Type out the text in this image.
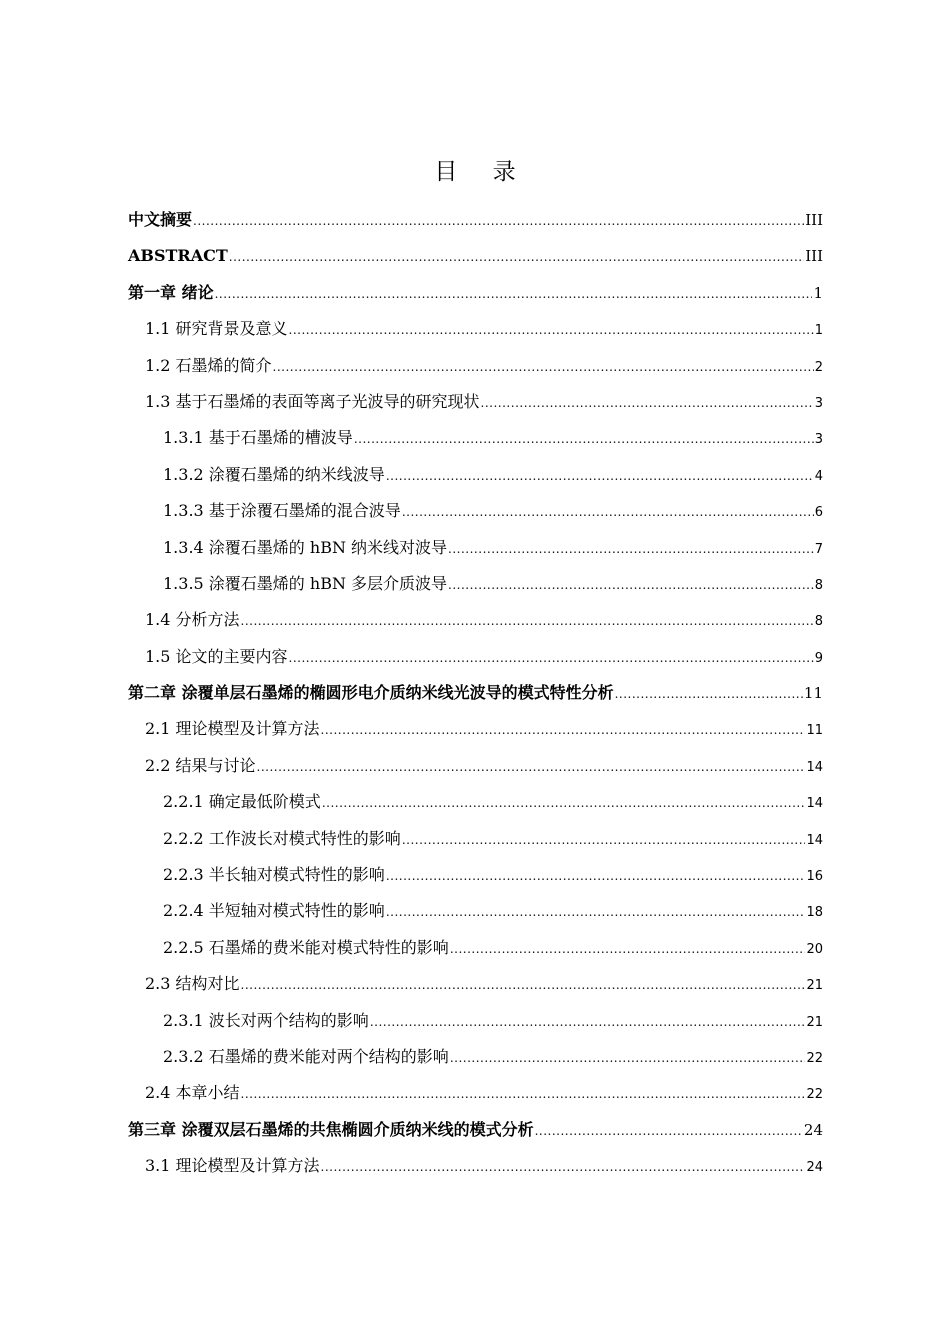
目 录
中文摘要 .....	III
ABSTRACT .....	III
第一章 绪论 .....	1
1.1 研究背景及意义 .....	1
1.2 石墨烯的简介 .....	2
1.3 基于石墨烯的表面等离子光波导的研究现状 .....	3
1.3.1 基于石墨烯的槽波导 .....	3
1.3.2 涂覆石墨烯的纳米线波导 .....	4
1.3.3 基于涂覆石墨烯的混合波导 .....	6
1.3.4 涂覆石墨烯的 hBN 纳米线对波导 .....	7
1.3.5 涂覆石墨烯的 hBN 多层介质波导 .....	8
1.4 分析方法 .....	8
1.5 论文的主要内容 .....	9
第二章 涂覆单层石墨烯的椭圆形电介质纳米线光波导的模式特性分析 .....	11
2.1 理论模型及计算方法 .....	11
2.2 结果与讨论 .....	14
2.2.1 确定最低阶模式 .....	14
2.2.2 工作波长对模式特性的影响 .....	14
2.2.3 半长轴对模式特性的影响 .....	16
2.2.4 半短轴对模式特性的影响 .....	18
2.2.5 石墨烯的费米能对模式特性的影响 .....	20
2.3 结构对比 .....	21
2.3.1 波长对两个结构的影响 .....	21
2.3.2 石墨烯的费米能对两个结构的影响 .....	22
2.4 本章小结 .....	22
第三章 涂覆双层石墨烯的共焦椭圆介质纳米线的模式分析 .....	24
3.1 理论模型及计算方法 .....	24
